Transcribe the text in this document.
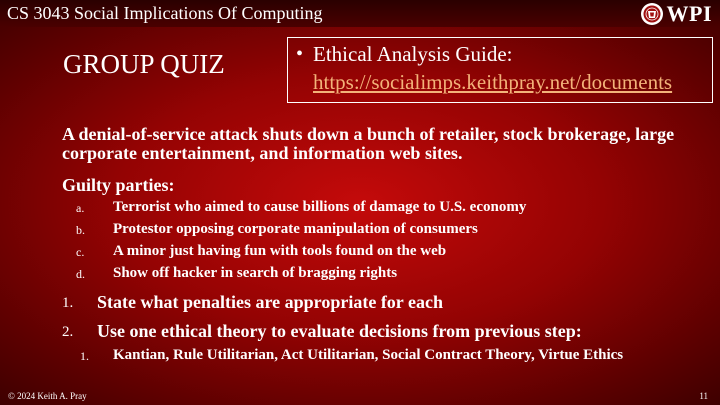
CS 3043 Social Implications Of Computing	WPI
GROUP QUIZ	• Ethical Analysis Guide:
https://socialimps.keithpray.net/documents
A denial-of-service attack shuts down a bunch of retailer, stock brokerage, large corporate entertainment, and information web sites.
Guilty parties:
a. Terrorist who aimed to cause billions of damage to U.S. economy
b. Protestor opposing corporate manipulation of consumers
c. A minor just having fun with tools found on the web
d. Show off hacker in search of bragging rights
1. State what penalties are appropriate for each
2. Use one ethical theory to evaluate decisions from previous step:
1. Kantian, Rule Utilitarian, Act Utilitarian, Social Contract Theory, Virtue Ethics
© 2024 Keith A. Pray	11
